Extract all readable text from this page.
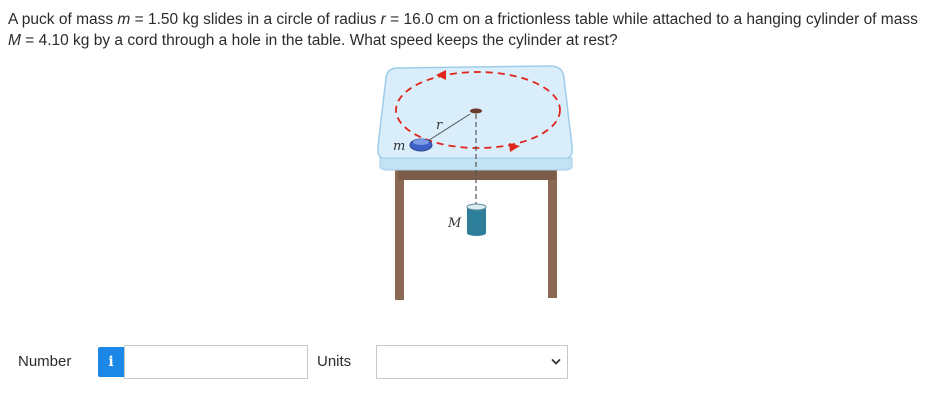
A puck of mass m = 1.50 kg slides in a circle of radius r = 16.0 cm on a frictionless table while attached to a hanging cylinder of mass M = 4.10 kg by a cord through a hole in the table. What speed keeps the cylinder at rest?
m
r
M
Number	i	Units
